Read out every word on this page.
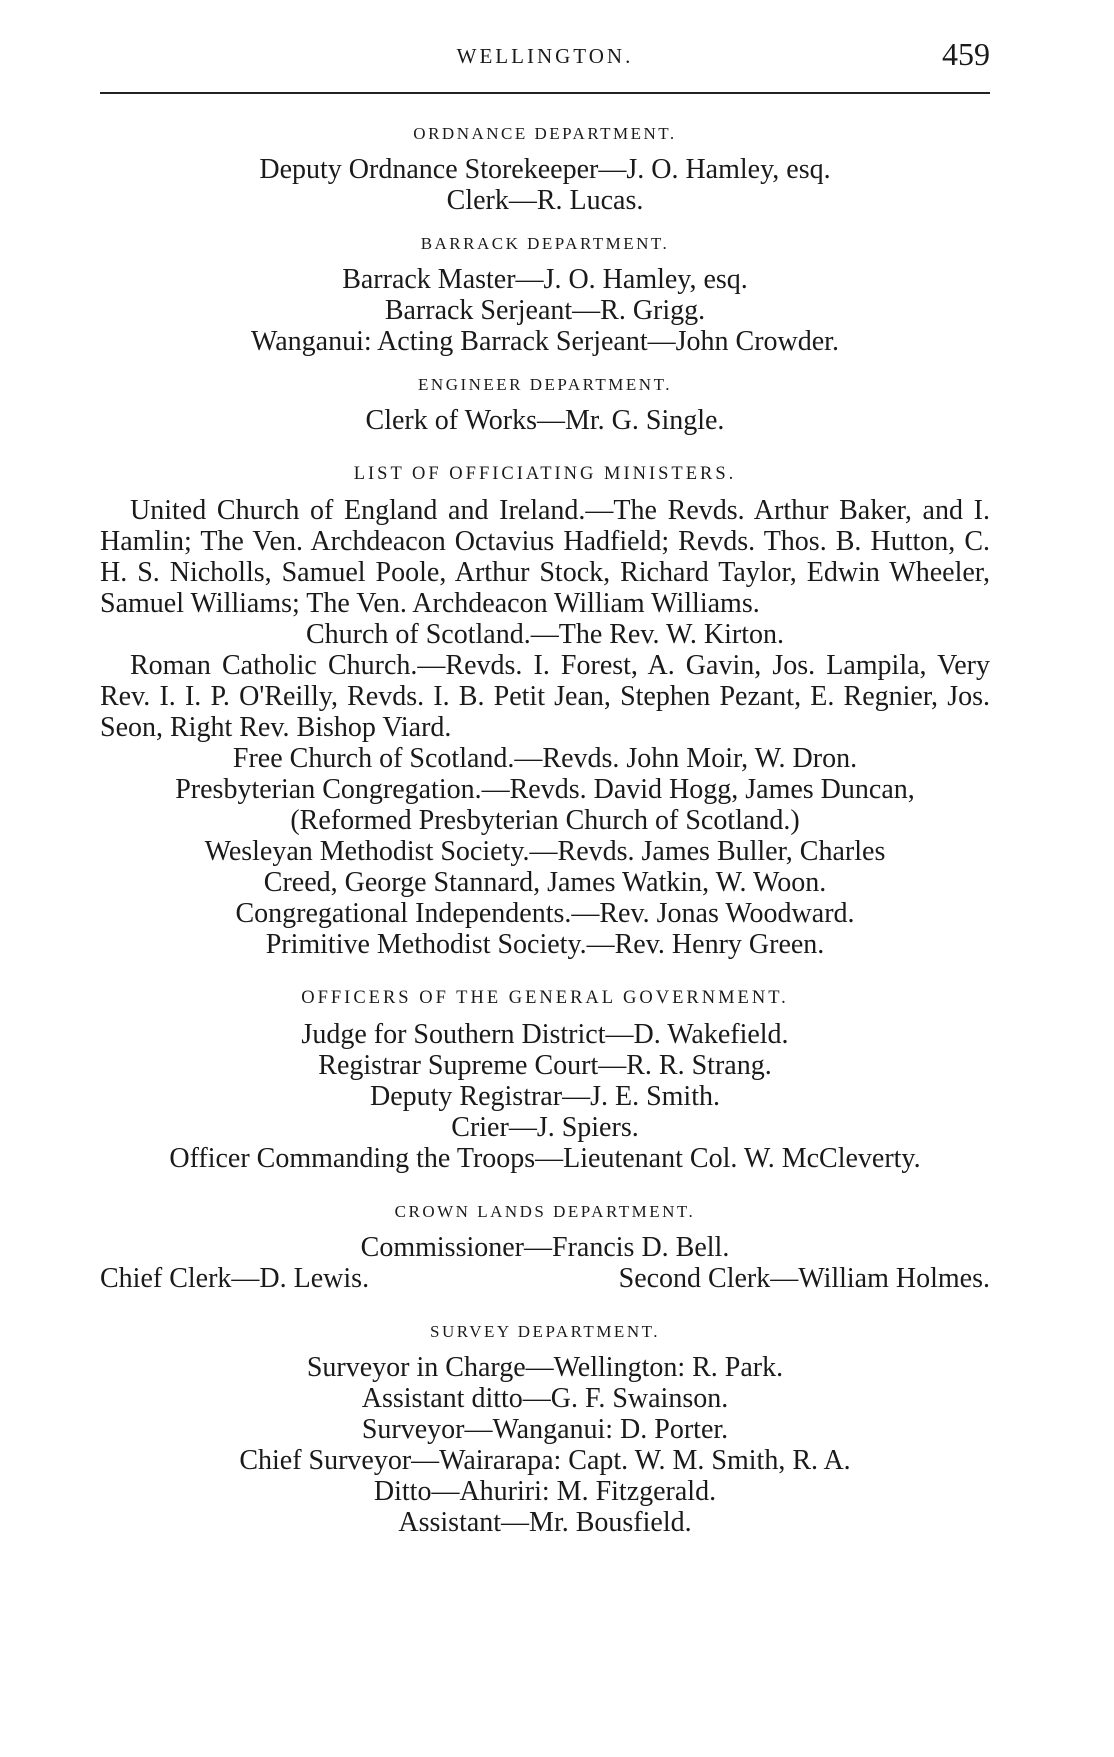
WELLINGTON.	459

ORDNANCE DEPARTMENT.

Deputy Ordnance Storekeeper—J. O. Hamley, esq.

Clerk—R. Lucas.

BARRACK DEPARTMENT.

Barrack Master—J. O. Hamley, esq.

Barrack Serjeant—R. Grigg.

Wanganui: Acting Barrack Serjeant—John Crowder.

ENGINEER DEPARTMENT.

Clerk of Works—Mr. G. Single.

LIST OF OFFICIATING MINISTERS.

United Church of England and Ireland.—The Revds. Arthur Baker, and I. Hamlin; The Ven. Archdeacon Octavius Hadfield; Revds. Thos. B. Hutton, C. H. S. Nicholls, Samuel Poole, Arthur Stock, Richard Taylor, Edwin Wheeler, Samuel Williams; The Ven. Archdeacon William Williams.

Church of Scotland.—The Rev. W. Kirton.

Roman Catholic Church.—Revds. I. Forest, A. Gavin, Jos. Lampila, Very Rev. I. I. P. O'Reilly, Revds. I. B. Petit Jean, Stephen Pezant, E. Regnier, Jos. Seon, Right Rev. Bishop Viard.

Free Church of Scotland.—Revds. John Moir, W. Dron.

Presbyterian Congregation.—Revds. David Hogg, James Duncan,

(Reformed Presbyterian Church of Scotland.)

Wesleyan Methodist Society.—Revds. James Buller, Charles

Creed, George Stannard, James Watkin, W. Woon.

Congregational Independents.—Rev. Jonas Woodward.

Primitive Methodist Society.—Rev. Henry Green.

OFFICERS OF THE GENERAL GOVERNMENT.

Judge for Southern District—D. Wakefield.

Registrar Supreme Court—R. R. Strang.

Deputy Registrar—J. E. Smith.

Crier—J. Spiers.

Officer Commanding the Troops—Lieutenant Col. W. McCleverty.

CROWN LANDS DEPARTMENT.

Commissioner—Francis D. Bell.

Chief Clerk—D. Lewis.	Second Clerk—William Holmes.

SURVEY DEPARTMENT.

Surveyor in Charge—Wellington: R. Park.

Assistant ditto—G. F. Swainson.

Surveyor—Wanganui: D. Porter.

Chief Surveyor—Wairarapa: Capt. W. M. Smith, R. A.

Ditto—Ahuriri: M. Fitzgerald.

Assistant—Mr. Bousfield.
